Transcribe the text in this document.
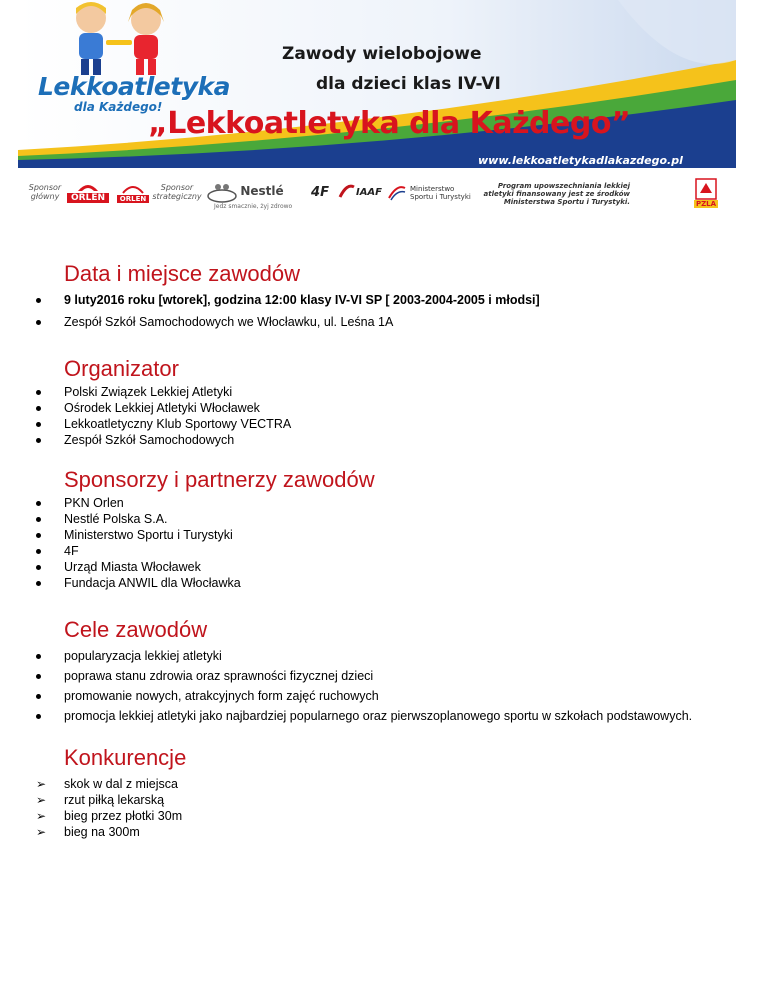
Lekkoatletyka
dla Każdego!
Zawody wielobojowe
dla dzieci klas IV-VI
„Lekkoatletyka dla Każdego”
www.lekkoatletykadlakazdego.pl
Sponsor główny	ORLEN	ORLEN
Sponsor strategiczny	Nestlé
Jedz smacznie, żyj zdrowo
4F	IAAF	Ministerstwo Sportu i Turystyki
Program upowszechniania lekkiej atletyki finansowany jest ze środków Ministerstwa Sportu i Turystyki.	PZLA
Data i miejsce zawodów
9 luty2016 roku [wtorek], godzina 12:00 klasy IV-VI SP [ 2003-2004-2005 i młodsi]
Zespół Szkół Samochodowych we Włocławku, ul. Leśna 1A
Organizator
Polski Związek Lekkiej Atletyki
Ośrodek Lekkiej Atletyki Włocławek
Lekkoatletyczny Klub Sportowy VECTRA
Zespół Szkół Samochodowych
Sponsorzy i partnerzy zawodów
PKN Orlen
Nestlé Polska S.A.
Ministerstwo Sportu i Turystyki
4F
Urząd Miasta Włocławek
Fundacja ANWIL dla Włocławka
Cele zawodów
popularyzacja lekkiej atletyki
poprawa stanu zdrowia oraz sprawności fizycznej dzieci
promowanie nowych, atrakcyjnych form zajęć ruchowych
promocja lekkiej atletyki jako najbardziej popularnego oraz pierwszoplanowego sportu w szkołach podstawowych.
Konkurencje
➢ skok w dal z miejsca
➢ rzut piłką lekarską
➢ bieg przez płotki 30m
➢ bieg na 300m
